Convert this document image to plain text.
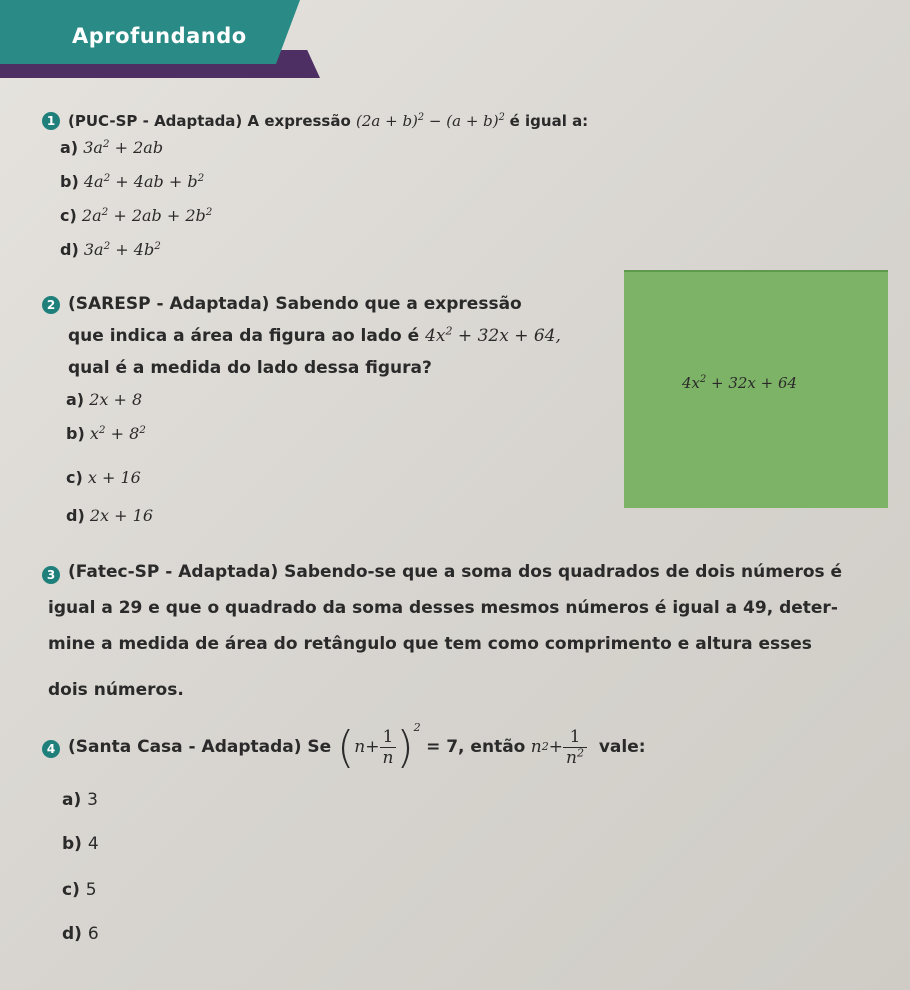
Aprofundando
1 (PUC-SP - Adaptada) A expressão $(2a + b)^2 - (a + b)^2$ é igual a:
a) $3a^2 + 2ab$
b) $4a^2 + 4ab + b^2$
c) $2a^2 + 2ab + 2b^2$
d) $3a^2 + 4b^2$
2 (SARESP - Adaptada) Sabendo que a expressão
que indica a área da figura ao lado é $4x^2 + 32x + 64$,
qual é a medida do lado dessa figura?
a) 2x + 8
b) $x^2 + 8^2$
c) x + 16
d) 2x + 16
$4x^2 + 32x + 64$
3 (Fatec-SP - Adaptada) Sabendo-se que a soma dos quadrados de dois números é
igual a 29 e que o quadrado da soma desses mesmos números é igual a 49, deter-
mine a medida de área do retângulo que tem como comprimento e altura esses
dois números.
4 (Santa Casa - Adaptada) Se
( $n + \frac{1}{n}$ ) 2

= 7, então
n $2 + \frac{1}{n^2}$
vale:
a) 3
b) 4
c) 5
d) 6
